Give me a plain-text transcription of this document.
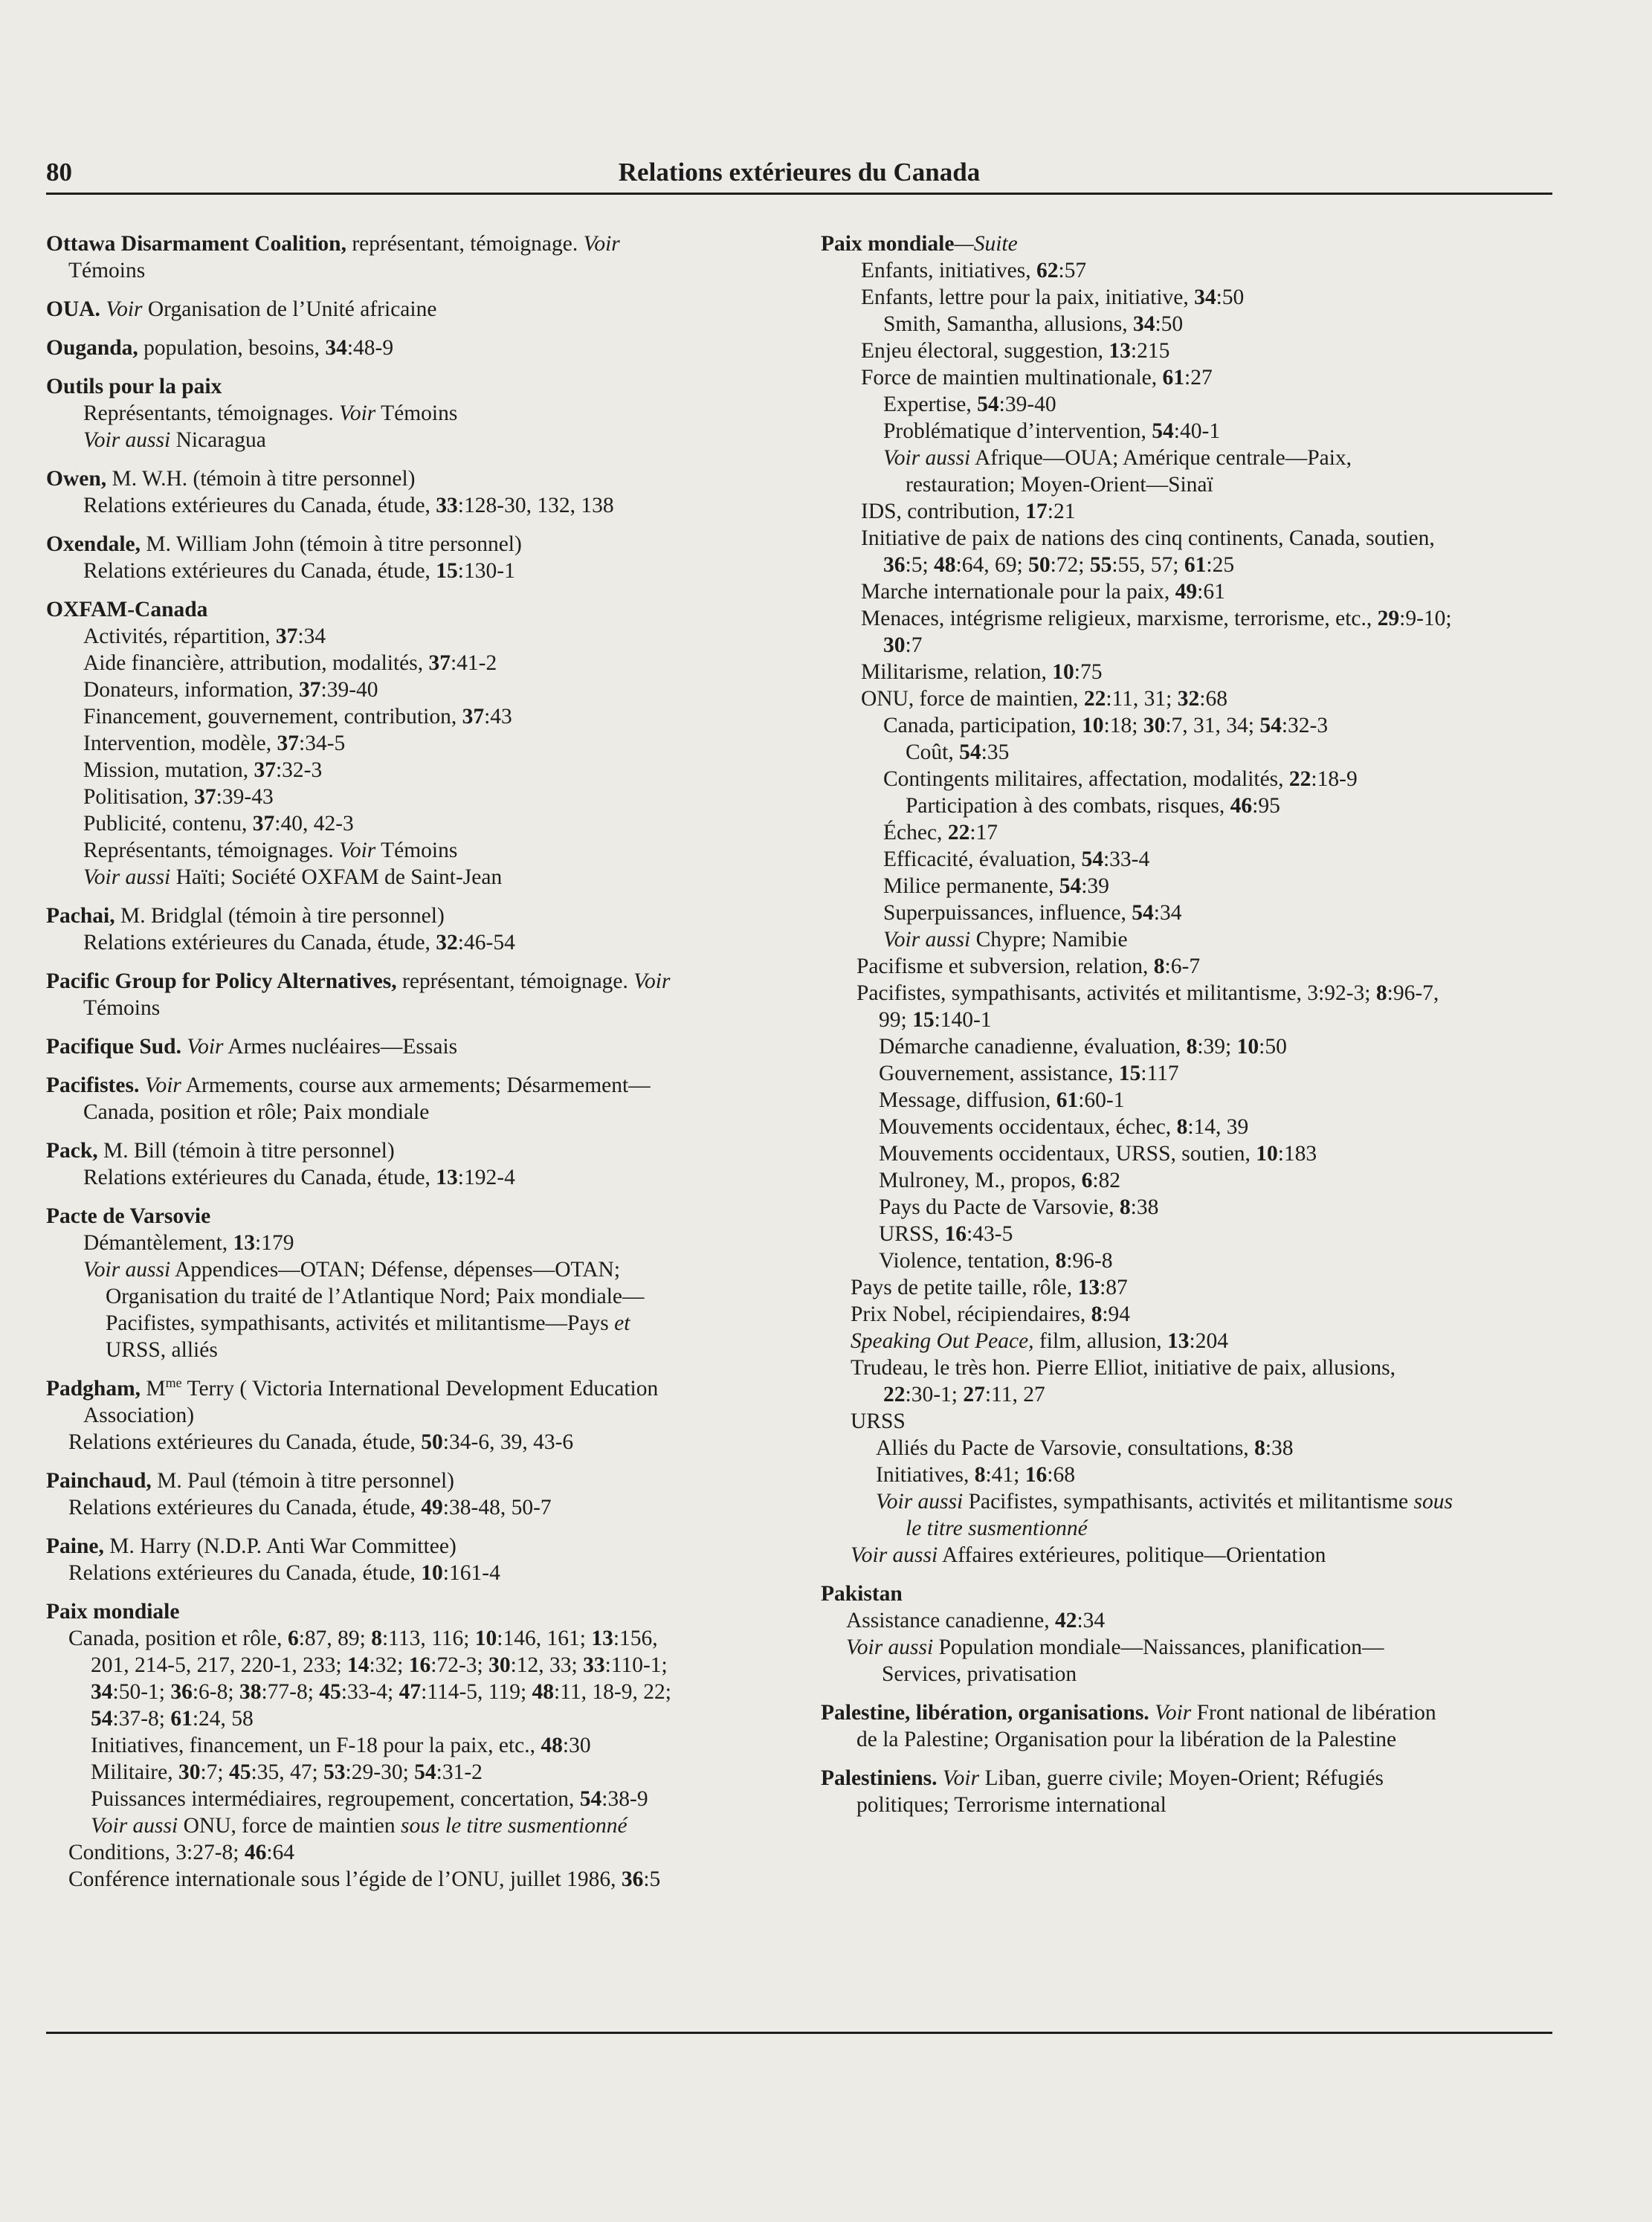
80	Relations extérieures du Canada
Ottawa Disarmament Coalition, représentant, témoignage. Voir
Témoins
OUA. Voir Organisation de l’Unité africaine
Ouganda, population, besoins, 34:48-9
Outils pour la paix
Représentants, témoignages. Voir Témoins
Voir aussi Nicaragua
Owen, M. W.H. (témoin à titre personnel)
Relations extérieures du Canada, étude, 33:128-30, 132, 138
Oxendale, M. William John (témoin à titre personnel)
Relations extérieures du Canada, étude, 15:130-1
OXFAM-Canada
Activités, répartition, 37:34
Aide financière, attribution, modalités, 37:41-2
Donateurs, information, 37:39-40
Financement, gouvernement, contribution, 37:43
Intervention, modèle, 37:34-5
Mission, mutation, 37:32-3
Politisation, 37:39-43
Publicité, contenu, 37:40, 42-3
Représentants, témoignages. Voir Témoins
Voir aussi Haïti; Société OXFAM de Saint-Jean
Pachai, M. Bridglal (témoin à tire personnel)
Relations extérieures du Canada, étude, 32:46-54
Pacific Group for Policy Alternatives, représentant, témoignage. Voir
Témoins
Pacifique Sud. Voir Armes nucléaires—Essais
Pacifistes. Voir Armements, course aux armements; Désarmement—
Canada, position et rôle; Paix mondiale
Pack, M. Bill (témoin à titre personnel)
Relations extérieures du Canada, étude, 13:192-4
Pacte de Varsovie
Démantèlement, 13:179
Voir aussi Appendices—OTAN; Défense, dépenses—OTAN;
Organisation du traité de l’Atlantique Nord; Paix mondiale—
Pacifistes, sympathisants, activités et militantisme—Pays et
URSS, alliés
Padgham, $M^{me}$ Terry ( Victoria International Development Education
Association)
Relations extérieures du Canada, étude, 50:34-6, 39, 43-6
Painchaud, M. Paul (témoin à titre personnel)
Relations extérieures du Canada, étude, 49:38-48, 50-7
Paine, M. Harry (N.D.P. Anti War Committee)
Relations extérieures du Canada, étude, 10:161-4
Paix mondiale
Canada, position et rôle, 6:87, 89; 8:113, 116; 10:146, 161; 13:156,
201, 214-5, 217, 220-1, 233; 14:32; 16:72-3; 30:12, 33; 33:110-1;
34:50-1; 36:6-8; 38:77-8; 45:33-4; 47:114-5, 119; 48:11, 18-9, 22;
54:37-8; 61:24, 58
Initiatives, financement, un F-18 pour la paix, etc., 48:30
Militaire, 30:7; 45:35, 47; 53:29-30; 54:31-2
Puissances intermédiaires, regroupement, concertation, 54:38-9
Voir aussi ONU, force de maintien sous le titre susmentionné
Conditions, 3:27-8; 46:64
Conférence internationale sous l’égide de l’ONU, juillet 1986, 36:5
Paix mondiale—Suite
Enfants, initiatives, 62:57
Enfants, lettre pour la paix, initiative, 34:50
Smith, Samantha, allusions, 34:50
Enjeu électoral, suggestion, 13:215
Force de maintien multinationale, 61:27
Expertise, 54:39-40
Problématique d’intervention, 54:40-1
Voir aussi Afrique—OUA; Amérique centrale—Paix,
restauration; Moyen-Orient—Sinaï
IDS, contribution, 17:21
Initiative de paix de nations des cinq continents, Canada, soutien,
36:5; 48:64, 69; 50:72; 55:55, 57; 61:25
Marche internationale pour la paix, 49:61
Menaces, intégrisme religieux, marxisme, terrorisme, etc., 29:9-10;
30:7
Militarisme, relation, 10:75
ONU, force de maintien, 22:11, 31; 32:68
Canada, participation, 10:18; 30:7, 31, 34; 54:32-3
Coût, 54:35
Contingents militaires, affectation, modalités, 22:18-9
Participation à des combats, risques, 46:95
Échec, 22:17
Efficacité, évaluation, 54:33-4
Milice permanente, 54:39
Superpuissances, influence, 54:34
Voir aussi Chypre; Namibie
Pacifisme et subversion, relation, 8:6-7
Pacifistes, sympathisants, activités et militantisme, 3:92-3; 8:96-7,
99; 15:140-1
Démarche canadienne, évaluation, 8:39; 10:50
Gouvernement, assistance, 15:117
Message, diffusion, 61:60-1
Mouvements occidentaux, échec, 8:14, 39
Mouvements occidentaux, URSS, soutien, 10:183
Mulroney, M., propos, 6:82
Pays du Pacte de Varsovie, 8:38
URSS, 16:43-5
Violence, tentation, 8:96-8
Pays de petite taille, rôle, 13:87
Prix Nobel, récipiendaires, 8:94
Speaking Out Peace, film, allusion, 13:204
Trudeau, le très hon. Pierre Elliot, initiative de paix, allusions,
22:30-1; 27:11, 27
URSS
Alliés du Pacte de Varsovie, consultations, 8:38
Initiatives, 8:41; 16:68
Voir aussi Pacifistes, sympathisants, activités et militantisme sous
le titre susmentionné
Voir aussi Affaires extérieures, politique—Orientation
Pakistan
Assistance canadienne, 42:34
Voir aussi Population mondiale—Naissances, planification—
Services, privatisation
Palestine, libération, organisations. Voir Front national de libération
de la Palestine; Organisation pour la libération de la Palestine
Palestiniens. Voir Liban, guerre civile; Moyen-Orient; Réfugiés
politiques; Terrorisme international
